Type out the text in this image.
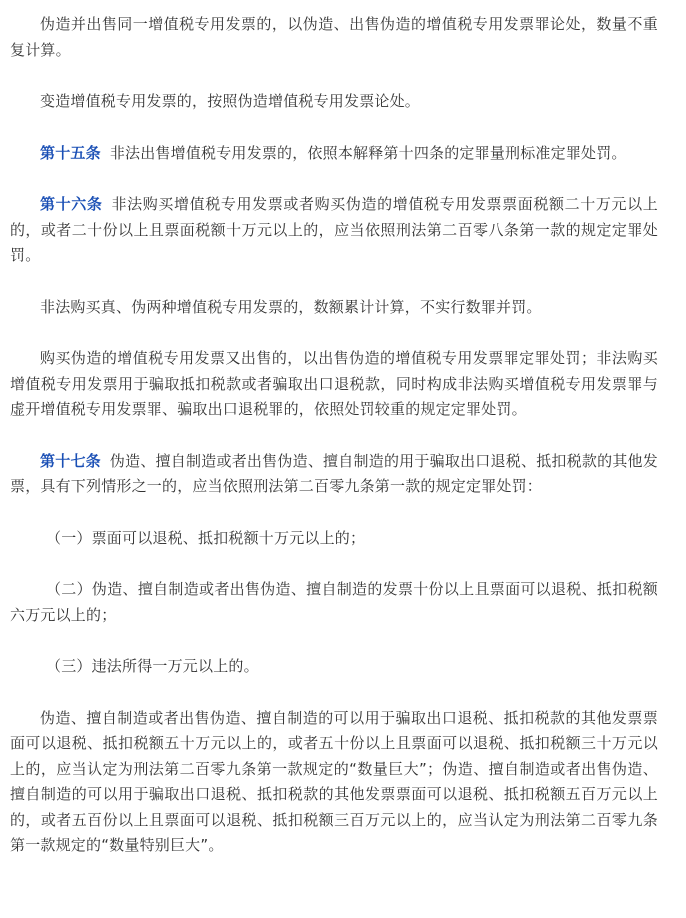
伪造并出售同一增值税专用发票的，以伪造、出售伪造的增值税专用发票罪论处，数量不重复计算。

变造增值税专用发票的，按照伪造增值税专用发票论处。

第十五条 非法出售增值税专用发票的，依照本解释第十四条的定罪量刑标准定罪处罚。

第十六条 非法购买增值税专用发票或者购买伪造的增值税专用发票票面税额二十万元以上的，或者二十份以上且票面税额十万元以上的，应当依照刑法第二百零八条第一款的规定定罪处罚。

非法购买真、伪两种增值税专用发票的，数额累计计算，不实行数罪并罚。

购买伪造的增值税专用发票又出售的，以出售伪造的增值税专用发票罪定罪处罚；非法购买增值税专用发票用于骗取抵扣税款或者骗取出口退税款，同时构成非法购买增值税专用发票罪与虚开增值税专用发票罪、骗取出口退税罪的，依照处罚较重的规定定罪处罚。

第十七条 伪造、擅自制造或者出售伪造、擅自制造的用于骗取出口退税、抵扣税款的其他发票，具有下列情形之一的，应当依照刑法第二百零九条第一款的规定定罪处罚：

（一）票面可以退税、抵扣税额十万元以上的；

（二）伪造、擅自制造或者出售伪造、擅自制造的发票十份以上且票面可以退税、抵扣税额六万元以上的；

（三）违法所得一万元以上的。

伪造、擅自制造或者出售伪造、擅自制造的可以用于骗取出口退税、抵扣税款的其他发票票面可以退税、抵扣税额五十万元以上的，或者五十份以上且票面可以退税、抵扣税额三十万元以上的，应当认定为刑法第二百零九条第一款规定的“数量巨大”；伪造、擅自制造或者出售伪造、擅自制造的可以用于骗取出口退税、抵扣税款的其他发票票面可以退税、抵扣税额五百万元以上的，或者五百份以上且票面可以退税、抵扣税额三百万元以上的，应当认定为刑法第二百零九条第一款规定的“数量特别巨大”。
